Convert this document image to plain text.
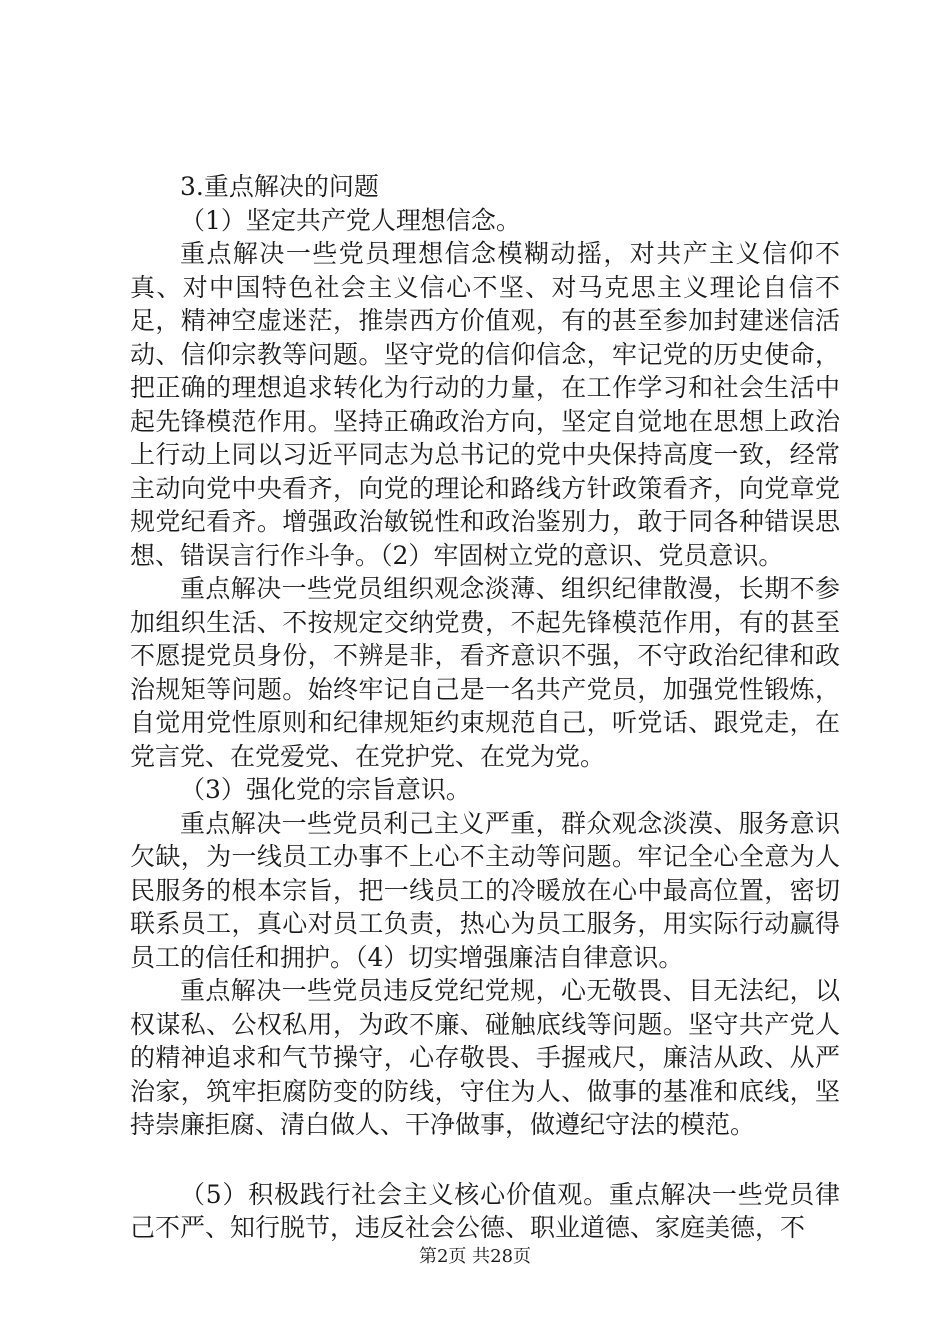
3.重点解决的问题

（1）坚定共产党人理想信念。

重点解决一些党员理想信念模糊动摇，对共产主义信仰不真、对中国特色社会主义信心不坚、对马克思主义理论自信不足，精神空虚迷茫，推崇西方价值观，有的甚至参加封建迷信活动、信仰宗教等问题。坚守党的信仰信念，牢记党的历史使命，把正确的理想追求转化为行动的力量，在工作学习和社会生活中起先锋模范作用。坚持正确政治方向，坚定自觉地在思想上政治上行动上同以习近平同志为总书记的党中央保持高度一致，经常主动向党中央看齐，向党的理论和路线方针政策看齐，向党章党规党纪看齐。增强政治敏锐性和政治鉴别力，敢于同各种错误思想、错误言行作斗争。（2）牢固树立党的意识、党员意识。

重点解决一些党员组织观念淡薄、组织纪律散漫，长期不参加组织生活、不按规定交纳党费，不起先锋模范作用，有的甚至不愿提党员身份，不辨是非，看齐意识不强，不守政治纪律和政治规矩等问题。始终牢记自己是一名共产党员，加强党性锻炼，自觉用党性原则和纪律规矩约束规范自己，听党话、跟党走，在党言党、在党爱党、在党护党、在党为党。

（3）强化党的宗旨意识。

重点解决一些党员利己主义严重，群众观念淡漠、服务意识欠缺，为一线员工办事不上心不主动等问题。牢记全心全意为人民服务的根本宗旨，把一线员工的冷暖放在心中最高位置，密切联系员工，真心对员工负责，热心为员工服务，用实际行动赢得员工的信任和拥护。（4）切实增强廉洁自律意识。

重点解决一些党员违反党纪党规，心无敬畏、目无法纪，以权谋私、公权私用，为政不廉、碰触底线等问题。坚守共产党人的精神追求和气节操守，心存敬畏、手握戒尺，廉洁从政、从严治家，筑牢拒腐防变的防线，守住为人、做事的基准和底线，坚持崇廉拒腐、清白做人、干净做事，做遵纪守法的模范。

（5）积极践行社会主义核心价值观。重点解决一些党员律己不严、知行脱节，违反社会公德、职业道德、家庭美德，不

第2页 共28页
